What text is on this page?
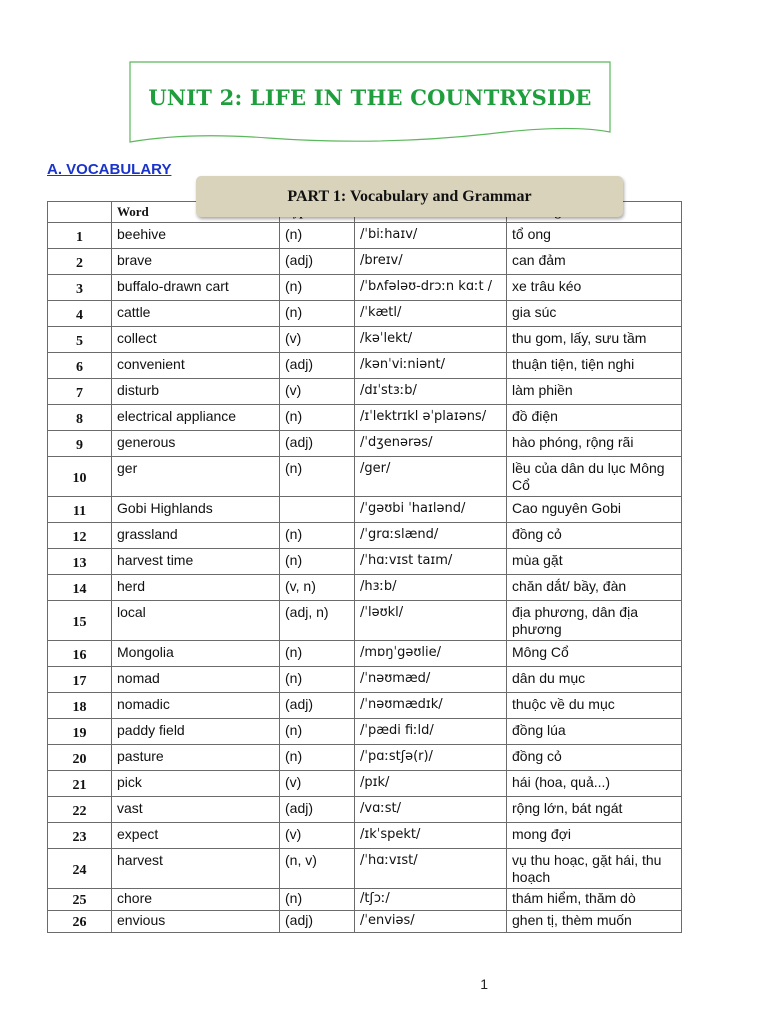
UNIT 2: LIFE IN THE COUNTRYSIDE
A. VOCABULARY
PART 1: Vocabulary and Grammar
	Word			
1	beehive	(n)	/ˈbiːhaɪv/	tổ ong
2	brave	(adj)	/breɪv/	can đảm
3	buffalo-drawn cart	(n)	/ˈbʌfələʊ-drɔːn kɑːt /	xe trâu kéo
4	cattle	(n)	/ˈkætl/	gia súc
5	collect	(v)	/kəˈlekt/	thu gom, lấy, sưu tầm
6	convenient	(adj)	/kənˈviːniənt/	thuận tiện, tiện nghi
7	disturb	(v)	/dɪˈstɜːb/	làm phiền
8	electrical appliance	(n)	/ɪˈlektrɪkl əˈplaɪəns/	đồ điện
9	generous	(adj)	/ˈdʒenərəs/	hào phóng, rộng rãi
10	ger	(n)	/ger/	lều của dân du lục Mông Cổ
11	Gobi Highlands		/ˈgəʊbi ˈhaɪlənd/	Cao nguyên Gobi
12	grassland	(n)	/ˈgrɑːslænd/	đồng cỏ
13	harvest time	(n)	/ˈhɑːvɪst taɪm/	mùa gặt
14	herd	(v, n)	/hɜːb/	chăn dắt/ bầy, đàn
15	local	(adj, n)	/ˈləʊkl/	địa phương, dân địa phương
16	Mongolia	(n)	/mɒŋˈgəʊlie/	Mông Cổ
17	nomad	(n)	/ˈnəʊmæd/	dân du mục
18	nomadic	(adj)	/ˈnəʊmædɪk/	thuộc về du mục
19	paddy field	(n)	/ˈpædi fiːld/	đồng lúa
20	pasture	(n)	/ˈpɑːstʃə(r)/	đồng cỏ
21	pick	(v)	/pɪk/	hái (hoa, quả...)
22	vast	(adj)	/vɑːst/	rộng lớn, bát ngát
23	expect	(v)	/ɪkˈspekt/	mong đợi
24	harvest	(n, v)	/ˈhɑːvɪst/	vụ thu hoạc, gặt hái, thu hoạch
25	chore	(n)	/tʃɔː/	thám hiểm, thăm dò
26	envious	(adj)	/ˈenviəs/	ghen tị, thèm muốn
1
